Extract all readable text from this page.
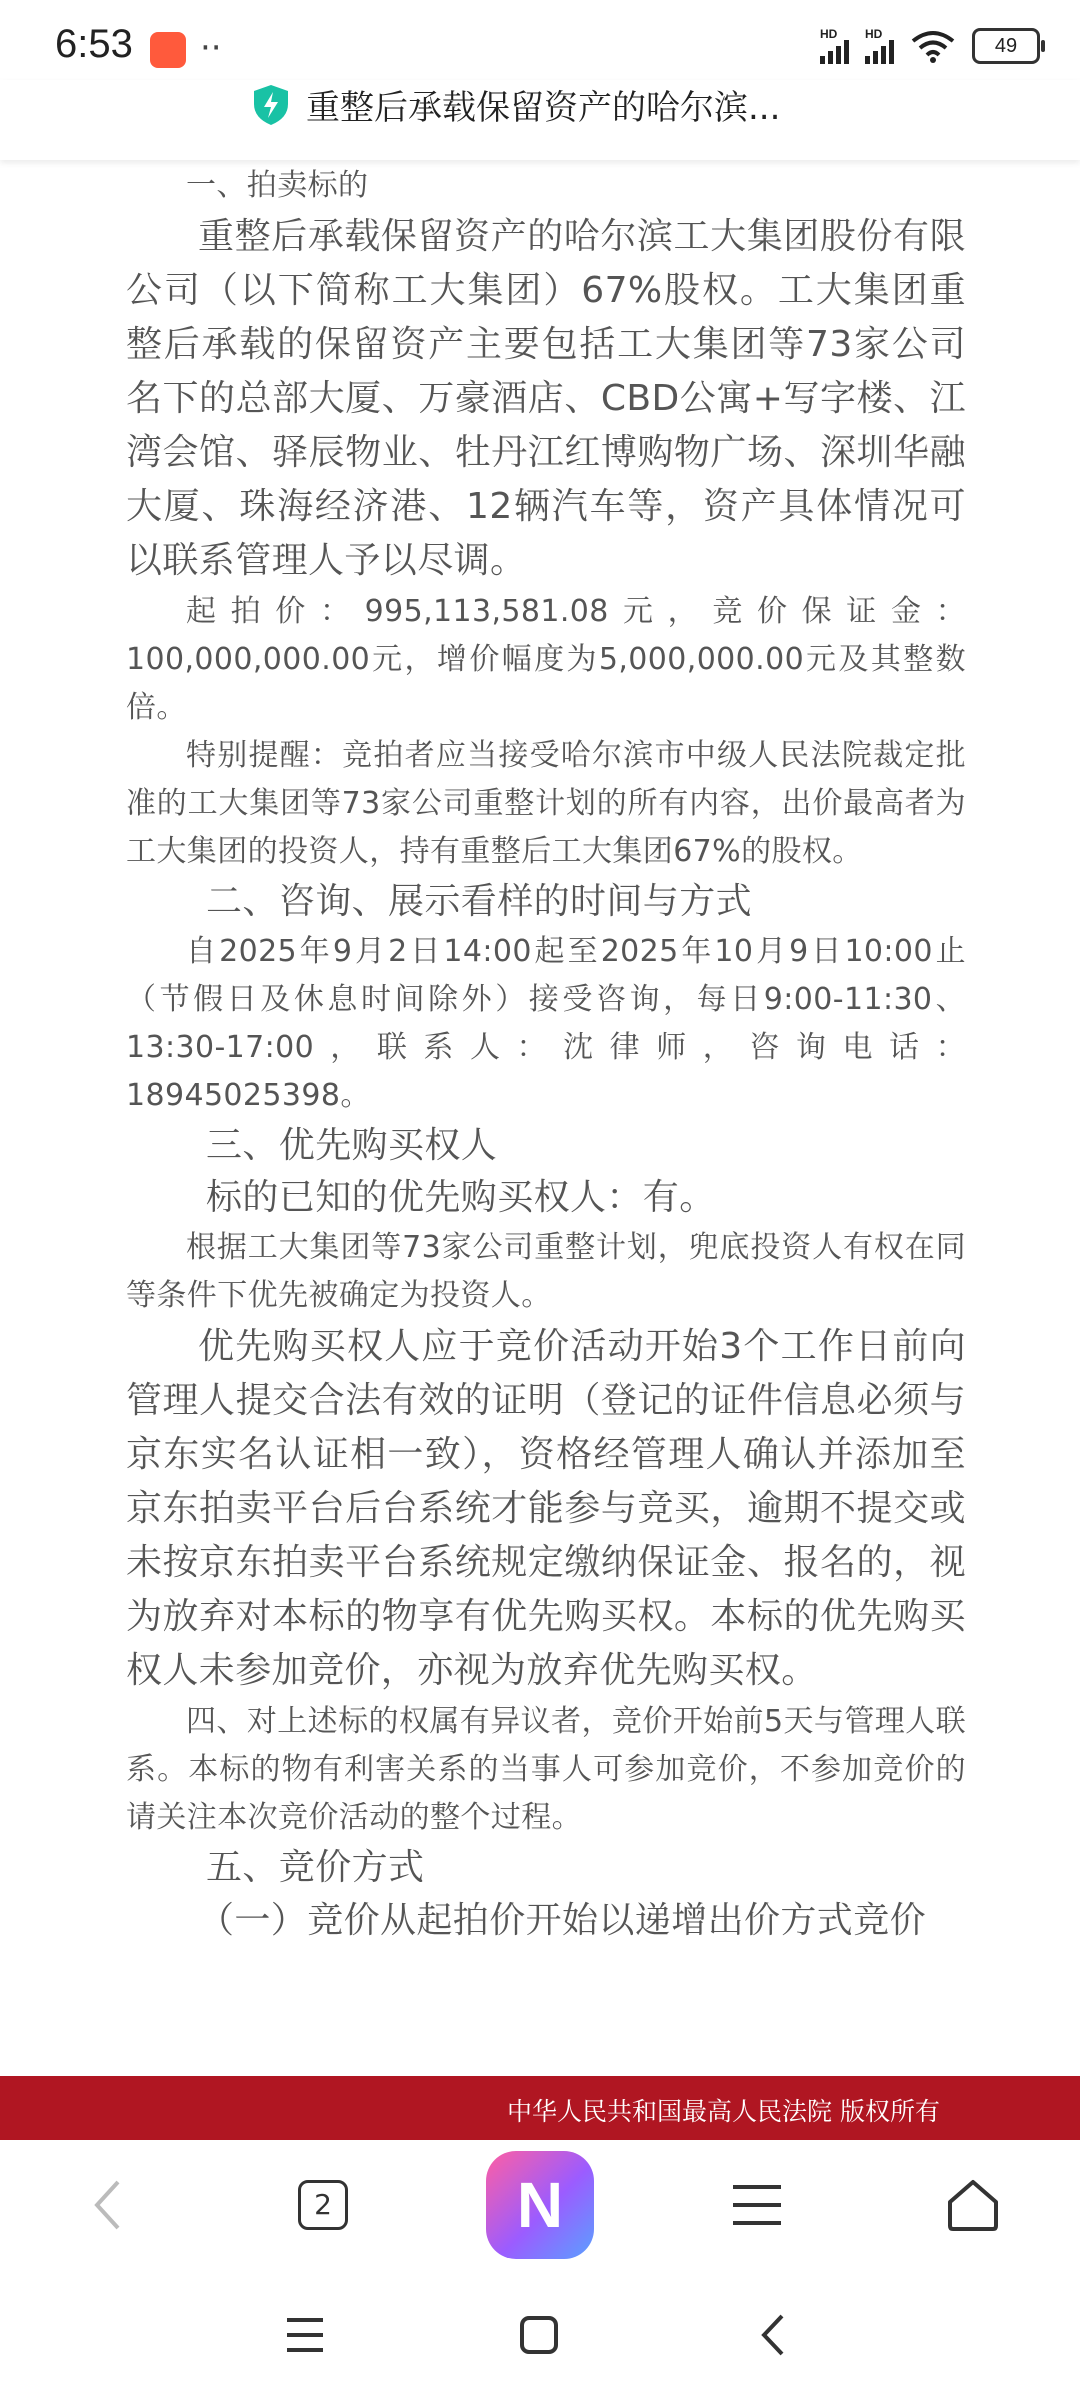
6:53 ··	HD HD
49
重整后承载保留资产的哈尔滨...

一、拍卖标的

重整后承载保留资产的哈尔滨工大集团股份有限公司（以下简称工大集团）67%股权。工大集团重整后承载的保留资产主要包括工大集团等73家公司名下的总部大厦、万豪酒店、CBD公寓+写字楼、江湾会馆、驿辰物业、牡丹江红博购物广场、深圳华融大厦、珠海经济港、12辆汽车等，资产具体情况可以联系管理人予以尽调。

起拍价：995,113,581.08元，竞价保证金：100,000,000.00元，增价幅度为5,000,000.00元及其整数倍。

特别提醒：竞拍者应当接受哈尔滨市中级人民法院裁定批准的工大集团等73家公司重整计划的所有内容，出价最高者为工大集团的投资人，持有重整后工大集团67%的股权。

二、咨询、展示看样的时间与方式

自2025年9月2日14:00起至2025年10月9日10:00止（节假日及休息时间除外）接受咨询，每日9:00-11:30、13:30-17:00，联系人：沈律师，咨询电话：18945025398。

三、优先购买权人

标的已知的优先购买权人：有。

根据工大集团等73家公司重整计划，兜底投资人有权在同等条件下优先被确定为投资人。

优先购买权人应于竞价活动开始3个工作日前向管理人提交合法有效的证明（登记的证件信息必须与京东实名认证相一致），资格经管理人确认并添加至京东拍卖平台后台系统才能参与竞买，逾期不提交或未按京东拍卖平台系统规定缴纳保证金、报名的，视为放弃对本标的物享有优先购买权。本标的优先购买权人未参加竞价，亦视为放弃优先购买权。

四、对上述标的权属有异议者，竞价开始前5天与管理人联系。本标的物有利害关系的当事人可参加竞价，不参加竞价的请关注本次竞价活动的整个过程。

五、竞价方式

（一）竞价从起拍价开始以递增出价方式竞价

中华人民共和国最高人民法院 版权所有
2	N
